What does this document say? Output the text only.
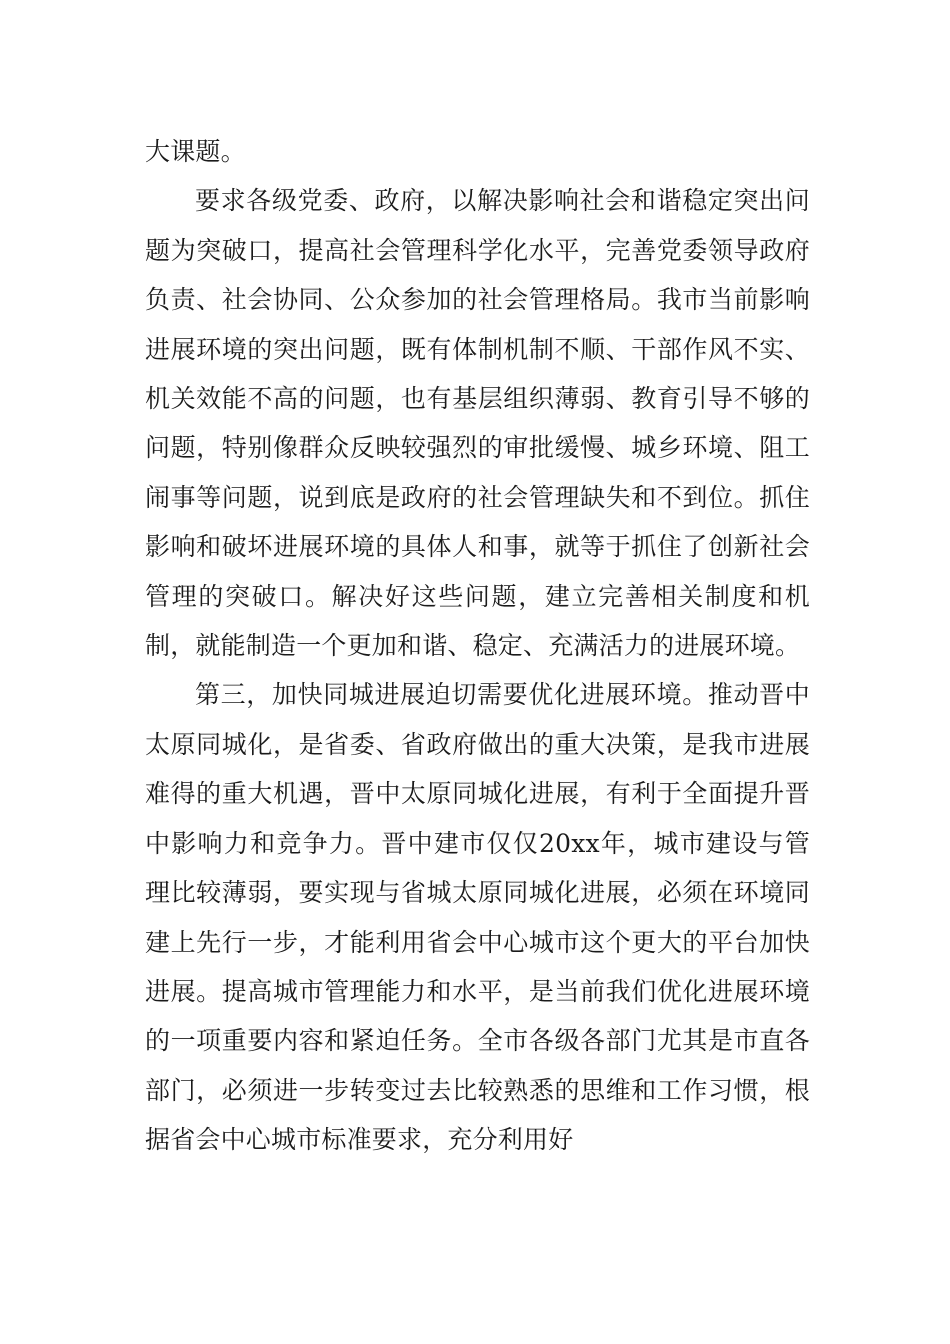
大课题。

要求各级党委、政府，以解决影响社会和谐稳定突出问题为突破口，提高社会管理科学化水平，完善党委领导政府负责、社会协同、公众参加的社会管理格局。我市当前影响进展环境的突出问题，既有体制机制不顺、干部作风不实、机关效能不高的问题，也有基层组织薄弱、教育引导不够的问题，特别像群众反映较强烈的审批缓慢、城乡环境、阻工闹事等问题，说到底是政府的社会管理缺失和不到位。抓住影响和破坏进展环境的具体人和事，就等于抓住了创新社会管理的突破口。解决好这些问题，建立完善相关制度和机制，就能制造一个更加和谐、稳定、充满活力的进展环境。

第三，加快同城进展迫切需要优化进展环境。推动晋中太原同城化，是省委、省政府做出的重大决策，是我市进展难得的重大机遇，晋中太原同城化进展，有利于全面提升晋中影响力和竞争力。晋中建市仅仅20xx年，城市建设与管理比较薄弱，要实现与省城太原同城化进展，必须在环境同建上先行一步，才能利用省会中心城市这个更大的平台加快进展。提高城市管理能力和水平，是当前我们优化进展环境的一项重要内容和紧迫任务。全市各级各部门尤其是市直各部门，必须进一步转变过去比较熟悉的思维和工作习惯，根据省会中心城市标准要求，充分利用好
